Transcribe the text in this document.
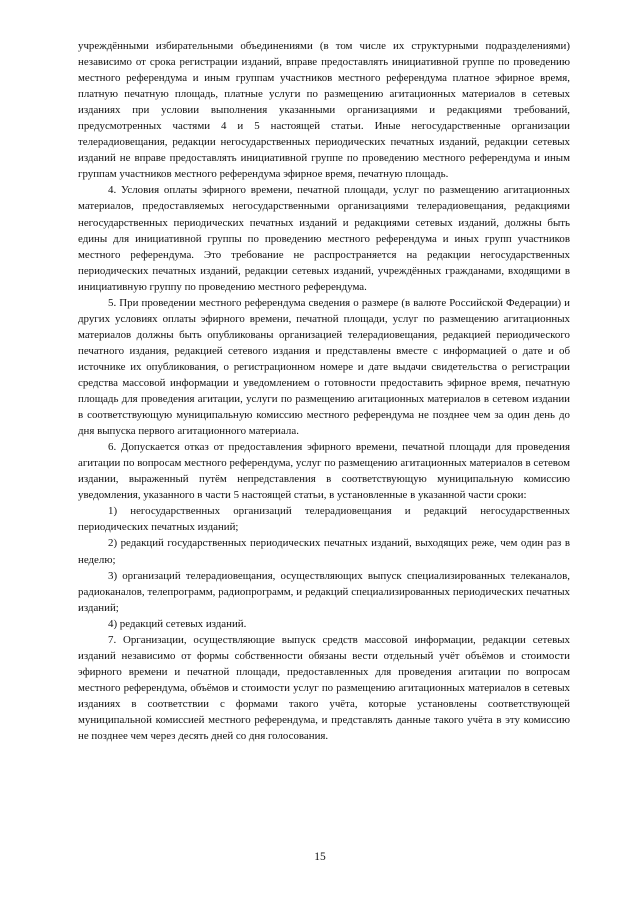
учреждёнными избирательными объединениями (в том числе их структурными подразделениями) независимо от срока регистрации изданий, вправе предоставлять инициативной группе по проведению местного референдума и иным группам участников местного референдума платное эфирное время, платную печатную площадь, платные услуги по размещению агитационных материалов в сетевых изданиях при условии выполнения указанными организациями и редакциями требований, предусмотренных частями 4 и 5 настоящей статьи. Иные негосударственные организации телерадиовещания, редакции негосударственных периодических печатных изданий, редакции сетевых изданий не вправе предоставлять инициативной группе по проведению местного референдума и иным группам участников местного референдума эфирное время, печатную площадь.

4. Условия оплаты эфирного времени, печатной площади, услуг по размещению агитационных материалов, предоставляемых негосударственными организациями телерадиовещания, редакциями негосударственных периодических печатных изданий и редакциями сетевых изданий, должны быть едины для инициативной группы по проведению местного референдума и иных групп участников местного референдума. Это требование не распространяется на редакции негосударственных периодических печатных изданий, редакции сетевых изданий, учреждённых гражданами, входящими в инициативную группу по проведению местного референдума.

5. При проведении местного референдума сведения о размере (в валюте Российской Федерации) и других условиях оплаты эфирного времени, печатной площади, услуг по размещению агитационных материалов должны быть опубликованы организацией телерадиовещания, редакцией периодического печатного издания, редакцией сетевого издания и представлены вместе с информацией о дате и об источнике их опубликования, о регистрационном номере и дате выдачи свидетельства о регистрации средства массовой информации и уведомлением о готовности предоставить эфирное время, печатную площадь для проведения агитации, услуги по размещению агитационных материалов в сетевом издании в соответствующую муниципальную комиссию местного референдума не позднее чем за один день до дня выпуска первого агитационного материала.

6. Допускается отказ от предоставления эфирного времени, печатной площади для проведения агитации по вопросам местного референдума, услуг по размещению агитационных материалов в сетевом издании, выраженный путём непредставления в соответствующую муниципальную комиссию уведомления, указанного в части 5 настоящей статьи, в установленные в указанной части сроки:

1) негосударственных организаций телерадиовещания и редакций негосударственных периодических печатных изданий;

2) редакций государственных периодических печатных изданий, выходящих реже, чем один раз в неделю;

3) организаций телерадиовещания, осуществляющих выпуск специализированных телеканалов, радиоканалов, телепрограмм, радиопрограмм, и редакций специализированных периодических печатных изданий;

4) редакций сетевых изданий.

7. Организации, осуществляющие выпуск средств массовой информации, редакции сетевых изданий независимо от формы собственности обязаны вести отдельный учёт объёмов и стоимости эфирного времени и печатной площади, предоставленных для проведения агитации по вопросам местного референдума, объёмов и стоимости услуг по размещению агитационных материалов в сетевых изданиях в соответствии с формами такого учёта, которые установлены соответствующей муниципальной комиссией местного референдума, и представлять данные такого учёта в эту комиссию не позднее чем через десять дней со дня голосования.

15
